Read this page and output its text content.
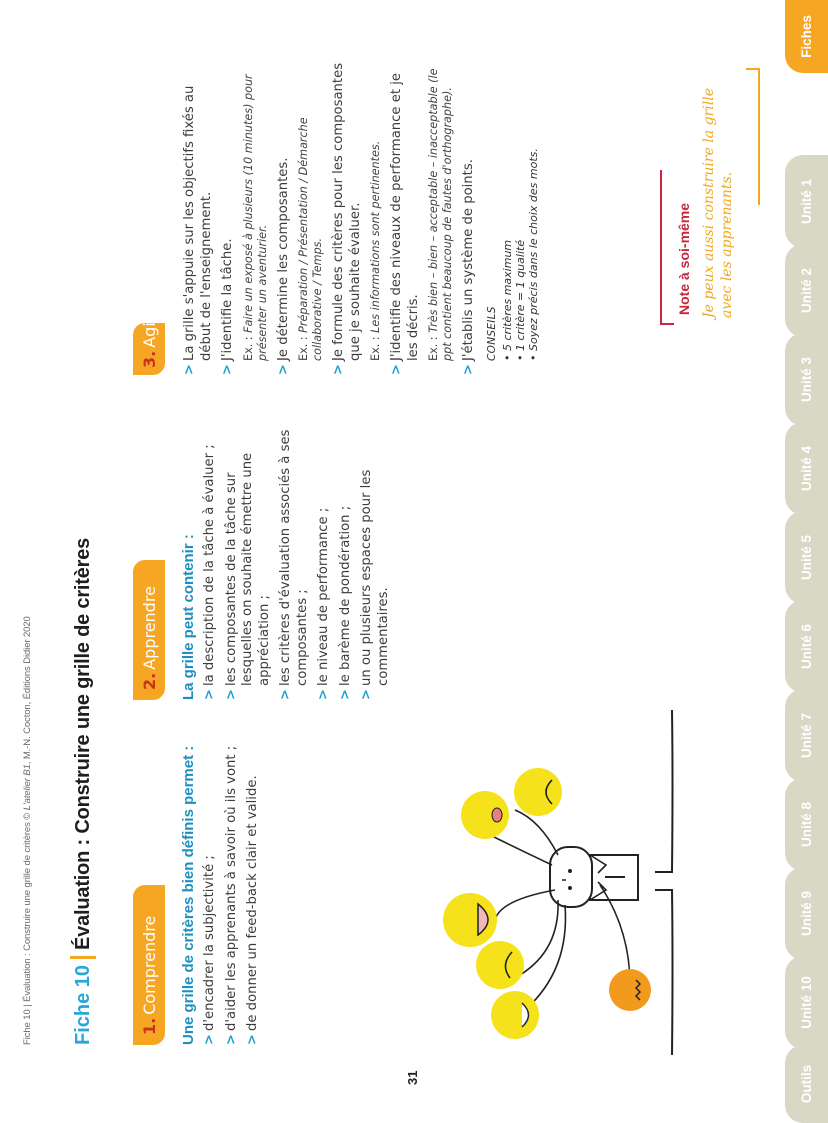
Fiche 10 | Évaluation : Construire une grille de critères © L'atelier B1, M.-N. Cocton, Éditions Didier 2020
Fiche 10
Évaluation : Construire une grille de critères
1.
Comprendre Une grille de critères bien définis permet : >
d'encadrer la subjectivité ;
>
d'aider les apprenants à savoir où ils vont ;
>
de donner un feed-back clair et valide.
2.
Apprendre La grille peut contenir : >
la description de la tâche à évaluer ;
>
les composantes de la tâche sur lesquelles on souhaite émettre une appréciation ;
>
les critères d'évaluation associés à ses composantes ;
>
le niveau de performance ;
>
le barème de pondération ;
>
un ou plusieurs espaces pour les commentaires.
3.
Agir
>
La grille s'appuie sur les objectifs fixés au début de l'enseignement.
>
J'identifie la tâche. Ex. : Faire un exposé à plusieurs (10 minutes) pour présenter un aventurier.
>
Je détermine les composantes. Ex. : Préparation / Présentation / Démarche collaborative / Temps.
>
Je formule des critères pour les composantes que je souhaite évaluer. Ex. : Les informations sont pertinentes.
>
J'identifie des niveaux de performance et je les décris. Ex. : Très bien – bien – acceptable – inacceptable (le ppt contient beaucoup de fautes d'orthographe).
>
J'établis un système de points. CONSEILS • 5 critères maximum
• 1 critère = 1 qualité
• Soyez précis dans le choix des mots.	Note à soi-même Je peux aussi construire la grille avec les apprenants.
31	Outils
Unité 10
Unité 9
Unité 8
Unité 7
Unité 6
Unité 5
Unité 4
Unité 3
Unité 2
Unité 1
Fiches
